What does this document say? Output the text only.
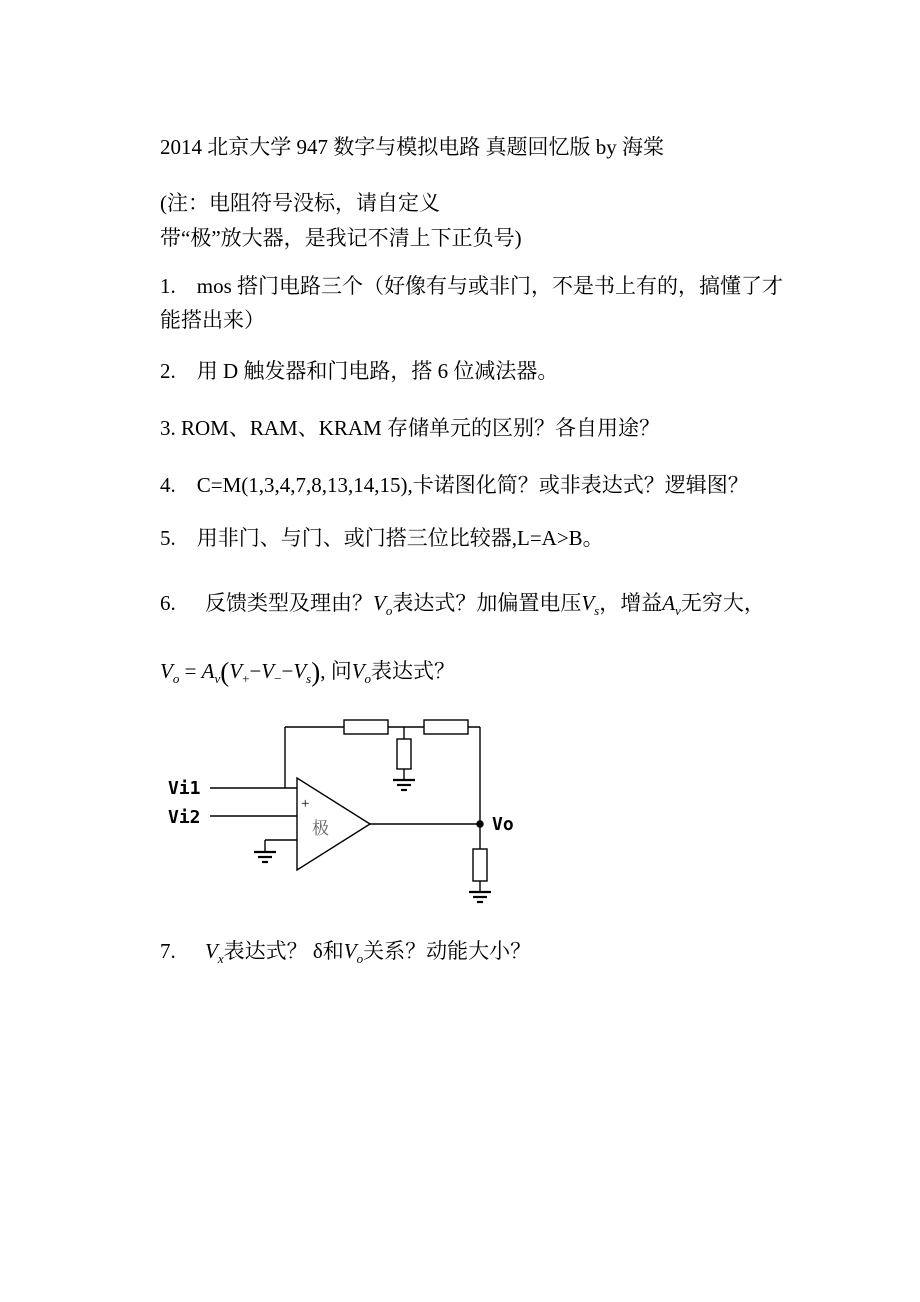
2014 北京大学 947 数字与模拟电路 真题回忆版 by 海棠

(注：电阻符号没标，请自定义
带“极”放大器，是我记不清上下正负号)

1.    mos 搭门电路三个（好像有与或非门，不是书上有的，搞懂了才能搭出来）

2.    用 D 触发器和门电路，搭 6 位减法器。

3. ROM、RAM、KRAM 存储单元的区别？各自用途？

4.    C=M(1,3,4,7,8,13,14,15),卡诺图化简？或非表达式？逻辑图？

5.    用非门、与门、或门搭三位比较器,L=A>B。

6. 反馈类型及理由？$V_o$表达式？加偏置电压$V_s$，增益$A_v$无穷大，

$V_o = A_v(V_+-V_--V_s)$, 问$V_o$表达式？

Vi1
Vi2	Vo
+
极

7. $V_x$表达式？ δ和$V_o$关系？动能大小？
